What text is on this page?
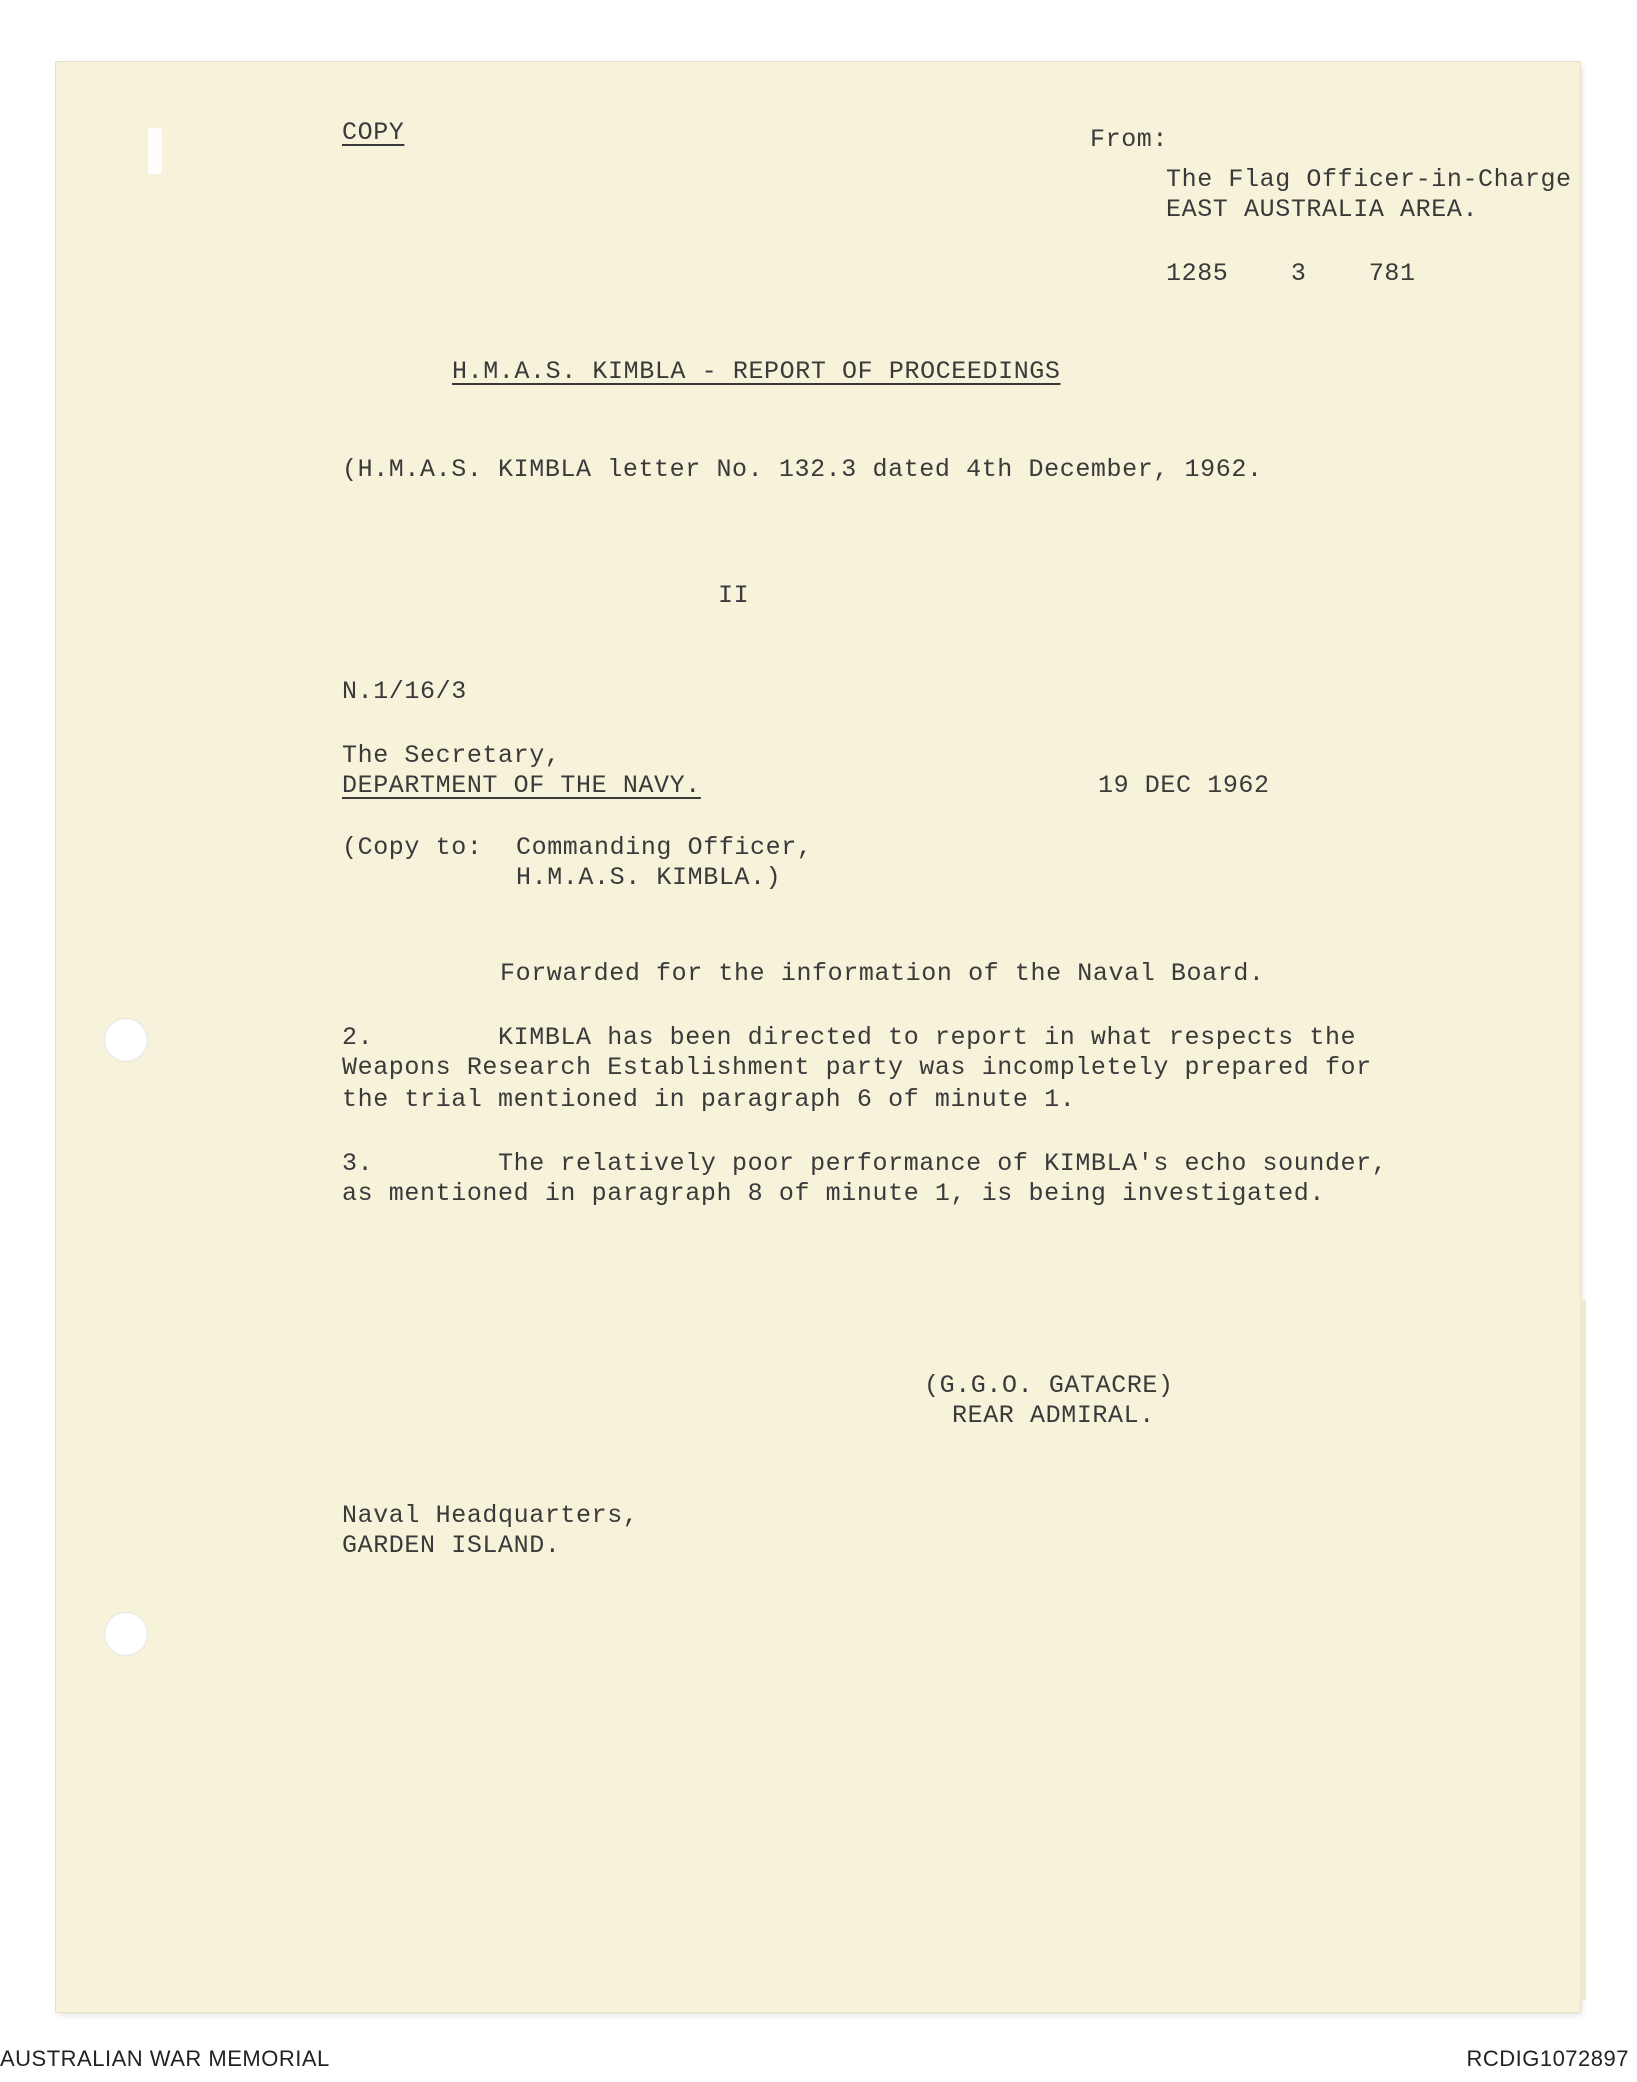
COPY	From:
The Flag Officer-in-Charge
EAST AUSTRALIA AREA.
1285    3    781
H.M.A.S. KIMBLA - REPORT OF PROCEEDINGS
(H.M.A.S. KIMBLA letter No. 132.3 dated 4th December, 1962.
II
N.1/16/3
The Secretary,
DEPARTMENT OF THE NAVY.	19 DEC 1962
(Copy to: Commanding Officer,
H.M.A.S. KIMBLA.)
Forwarded for the information of the Naval Board.
2.        KIMBLA has been directed to report in what respects the
Weapons Research Establishment party was incompletely prepared for
the trial mentioned in paragraph 6 of minute 1.
3.        The relatively poor performance of KIMBLA's echo sounder,
as mentioned in paragraph 8 of minute 1, is being investigated.
(G.G.O. GATACRE)
REAR ADMIRAL.
Naval Headquarters,
GARDEN ISLAND.
AUSTRALIAN WAR MEMORIAL	RCDIG1072897
